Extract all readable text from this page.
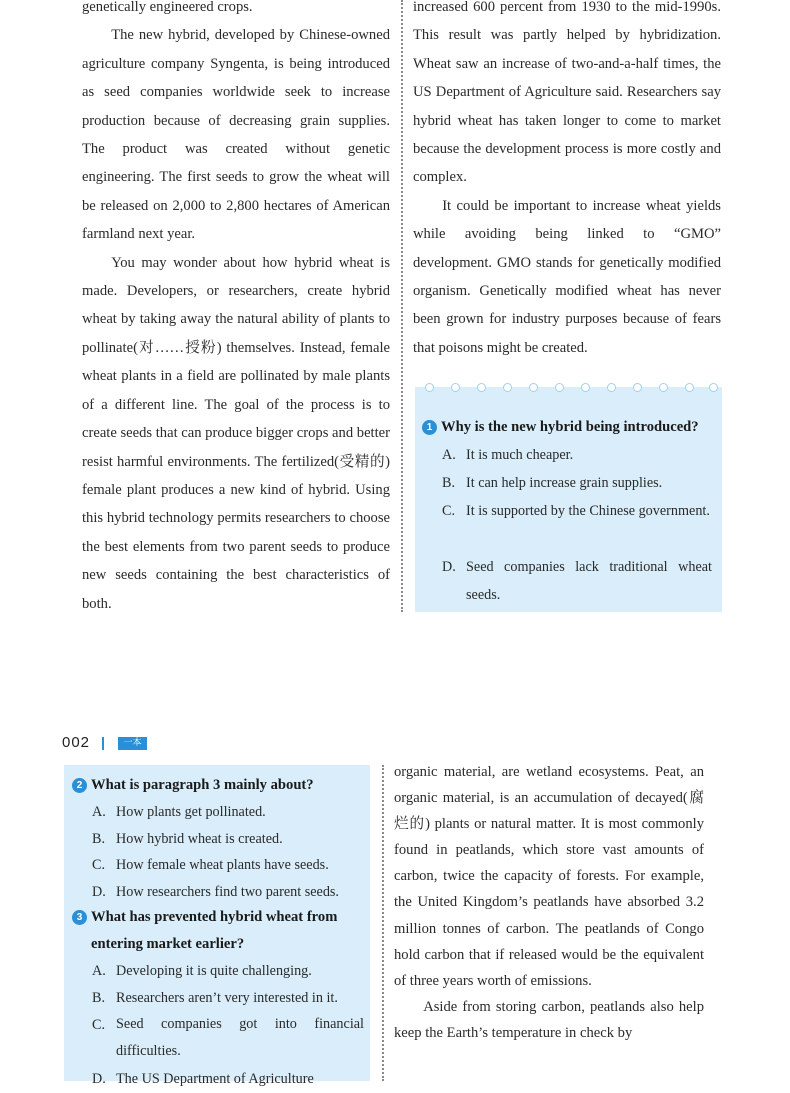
genetically engineered crops.

The new hybrid, developed by Chinese-owned agriculture company Syngenta, is being introduced as seed companies worldwide seek to increase production because of decreasing grain supplies. The product was created without genetic engineering. The first seeds to grow the wheat will be released on 2,000 to 2,800 hectares of American farmland next year.

You may wonder about how hybrid wheat is made. Developers, or researchers, create hybrid wheat by taking away the natural ability of plants to pollinate(对……授粉) themselves. Instead, female wheat plants in a field are pollinated by male plants of a different line. The goal of the process is to create seeds that can produce bigger crops and better resist harmful environments. The fertilized(受精的) female plant produces a new kind of hybrid. Using this hybrid technology permits researchers to choose the best elements from two parent seeds to produce new seeds containing the best characteristics of both.

increased 600 percent from 1930 to the mid-1990s. This result was partly helped by hybridization. Wheat saw an increase of two-and-a-half times, the US Department of Agriculture said. Researchers say hybrid wheat has taken longer to come to market because the development process is more costly and complex.

It could be important to increase wheat yields while avoiding being linked to “GMO” development. GMO stands for genetically modified organism. Genetically modified wheat has never been grown for industry purposes because of fears that poisons might be created.

1 Why is the new hybrid being introduced?
A. It is much cheaper.
B. It can help increase grain supplies.
C. It is supported by the Chinese government.
D. Seed companies lack traditional wheat seeds.
002	一本
2 What is paragraph 3 mainly about?
A. How plants get pollinated.
B. How hybrid wheat is created.
C. How female wheat plants have seeds.
D. How researchers find two parent seeds.
3 What has prevented hybrid wheat from
entering market earlier?
A. Developing it is quite challenging.
B. Researchers aren’t very interested in it.
C. Seed companies got into financial difficulties.
D. The US Department of Agriculture

organic material, are wetland ecosystems. Peat, an organic material, is an accumulation of decayed(腐烂的) plants or natural matter. It is most commonly found in peatlands, which store vast amounts of carbon, twice the capacity of forests. For example, the United Kingdom’s peatlands have absorbed 3.2 million tonnes of carbon. The peatlands of Congo hold carbon that if released would be the equivalent of three years worth of emissions.

Aside from storing carbon, peatlands also help keep the Earth’s temperature in check by
